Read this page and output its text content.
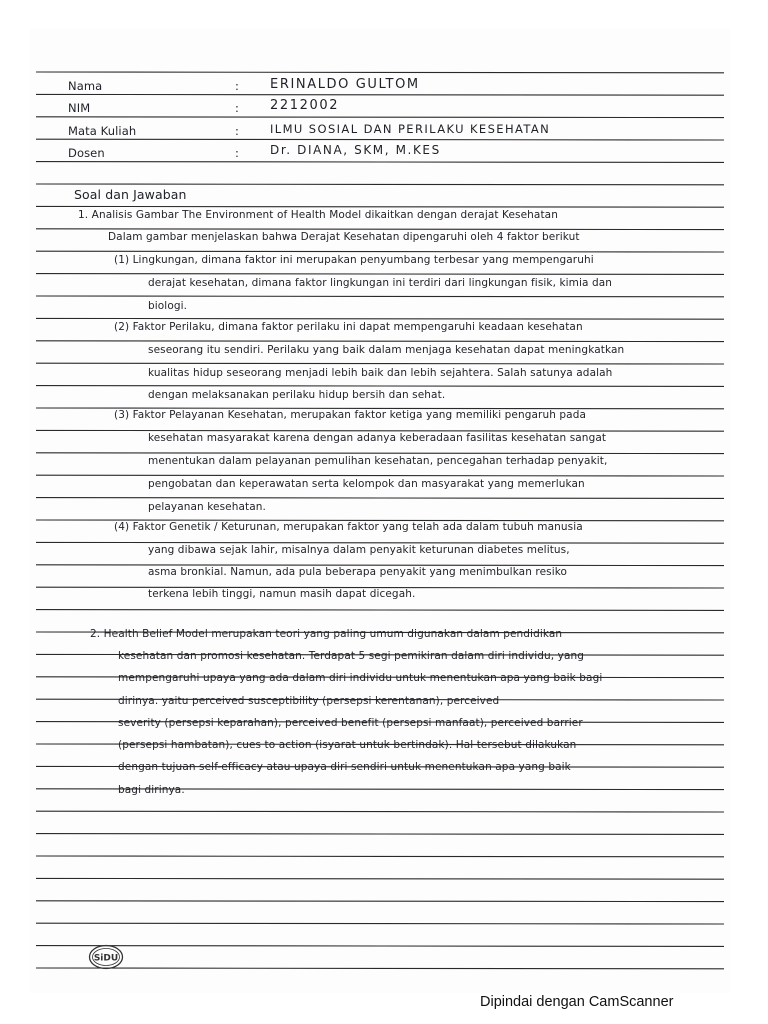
Nama	: ERINALDO GULTOM
NIM	: 2212002
Mata Kuliah	:	ILMU SOSIAL DAN PERILAKU KESEHATAN
Dosen	:	Dr. DIANA, SKM, M.KES
Soal dan Jawaban
1. Analisis Gambar The Environment of Health Model dikaitkan dengan derajat Kesehatan
Dalam gambar menjelaskan bahwa Derajat Kesehatan dipengaruhi oleh 4 faktor berikut
(1) Lingkungan, dimana faktor ini merupakan penyumbang terbesar yang mempengaruhi
derajat kesehatan, dimana faktor lingkungan ini terdiri dari lingkungan fisik, kimia dan
biologi.
(2) Faktor Perilaku, dimana faktor perilaku ini dapat mempengaruhi keadaan kesehatan
seseorang itu sendiri. Perilaku yang baik dalam menjaga kesehatan dapat meningkatkan
kualitas hidup seseorang menjadi lebih baik dan lebih sejahtera. Salah satunya adalah
dengan melaksanakan perilaku hidup bersih dan sehat.
(3) Faktor Pelayanan Kesehatan, merupakan faktor ketiga yang memiliki pengaruh pada
kesehatan masyarakat karena dengan adanya keberadaan fasilitas kesehatan sangat
menentukan dalam pelayanan pemulihan kesehatan, pencegahan terhadap penyakit,
pengobatan dan keperawatan serta kelompok dan masyarakat yang memerlukan
pelayanan kesehatan.
(4) Faktor Genetik / Keturunan, merupakan faktor yang telah ada dalam tubuh manusia
yang dibawa sejak lahir, misalnya dalam penyakit keturunan diabetes melitus,
asma bronkial. Namun, ada pula beberapa penyakit yang menimbulkan resiko
terkena lebih tinggi, namun masih dapat dicegah.
2. Health Belief Model merupakan teori yang paling umum digunakan dalam pendidikan
kesehatan dan promosi kesehatan. Terdapat 5 segi pemikiran dalam diri individu, yang
mempengaruhi upaya yang ada dalam diri individu untuk menentukan apa yang baik bagi
dirinya. yaitu perceived susceptibility (persepsi kerentanan), perceived
severity (persepsi keparahan), perceived benefit (persepsi manfaat), perceived barrier
(persepsi hambatan), cues to action (isyarat untuk bertindak). Hal tersebut dilakukan
dengan tujuan self-efficacy atau upaya diri sendiri untuk menentukan apa yang baik
bagi dirinya.
SiDU
Dipindai dengan CamScanner
